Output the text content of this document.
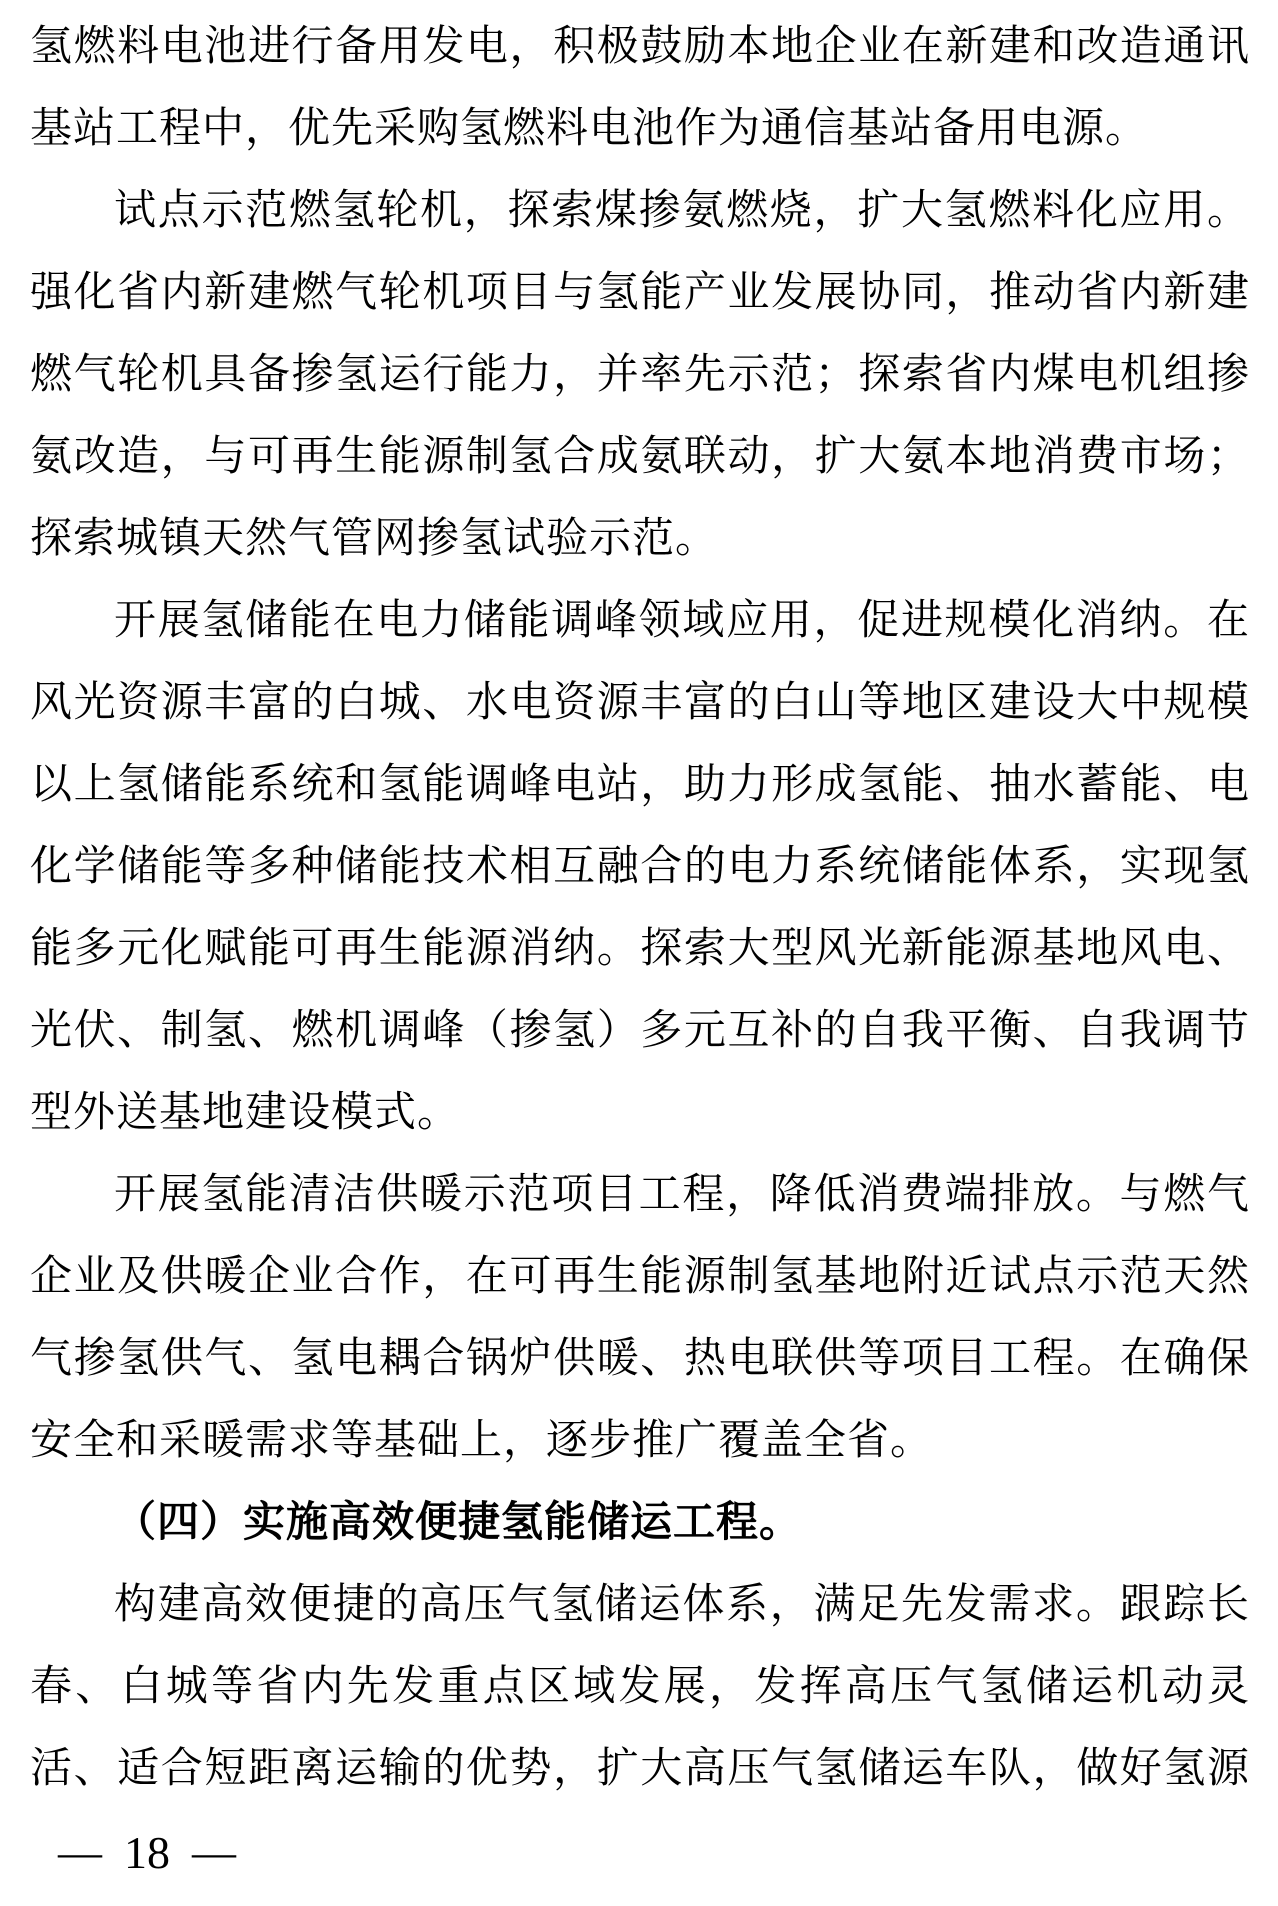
氢燃料电池进行备用发电，积极鼓励本地企业在新建和改造通讯
基站工程中，优先采购氢燃料电池作为通信基站备用电源。
试点示范燃氢轮机，探索煤掺氨燃烧，扩大氢燃料化应用。
强化省内新建燃气轮机项目与氢能产业发展协同，推动省内新建
燃气轮机具备掺氢运行能力，并率先示范；探索省内煤电机组掺
氨改造，与可再生能源制氢合成氨联动，扩大氨本地消费市场；
探索城镇天然气管网掺氢试验示范。
开展氢储能在电力储能调峰领域应用，促进规模化消纳。在
风光资源丰富的白城、水电资源丰富的白山等地区建设大中规模
以上氢储能系统和氢能调峰电站，助力形成氢能、抽水蓄能、电
化学储能等多种储能技术相互融合的电力系统储能体系，实现氢
能多元化赋能可再生能源消纳。探索大型风光新能源基地风电、
光伏、制氢、燃机调峰（掺氢）多元互补的自我平衡、自我调节
型外送基地建设模式。
开展氢能清洁供暖示范项目工程，降低消费端排放。与燃气
企业及供暖企业合作，在可再生能源制氢基地附近试点示范天然
气掺氢供气、氢电耦合锅炉供暖、热电联供等项目工程。在确保
安全和采暖需求等基础上，逐步推广覆盖全省。
（四）实施高效便捷氢能储运工程。
构建高效便捷的高压气氢储运体系，满足先发需求。跟踪长
春、白城等省内先发重点区域发展，发挥高压气氢储运机动灵
活、适合短距离运输的优势，扩大高压气氢储运车队，做好氢源
— 18 —
